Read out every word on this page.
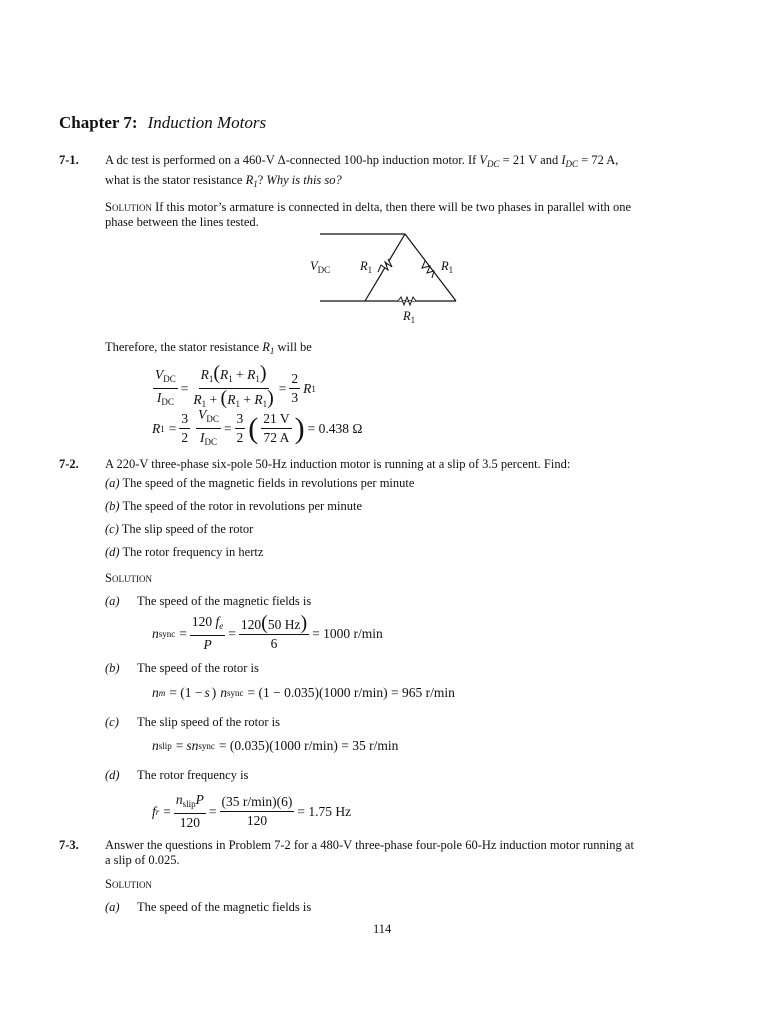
Chapter 7: Induction Motors
7-1. A dc test is performed on a 460-V Δ-connected 100-hp induction motor. If $V_{DC} = 21$ V and $I_{DC} = 72$ A,
what is the stator resistance $R_1$? Why is this so?
Solution If this motor’s armature is connected in delta, then there will be two phases in parallel with one
phase between the lines tested.
$V_{DC}$ $R_1$	$R_1$
$R_1$
Therefore, the stator resistance $R_1$ will be
$\frac{V_{DC}}{I_{DC}} = \frac{R_1(R_1 + R_1)}{R_1 + (R_1 + R_1)} = \frac{2}{3}$ R 1
R $1 = \frac{3}{2} \frac{V_{DC}}{I_{DC}} = \frac{3}{2}$ ( $\frac{21 V}{72 A}$ ) = 0.438 Ω
7-2. A 220-V three-phase six-pole 50-Hz induction motor is running at a slip of 3.5 percent. Find:
(a) The speed of the magnetic fields in revolutions per minute
(b) The speed of the rotor in revolutions per minute
(c) The slip speed of the rotor
(d) The rotor frequency in hertz
Solution
(a) The speed of the magnetic fields is
n sync = $\frac{120 f_e}{P} = \frac{120(50 Hz)}{6} = 1000$ r/min
(b) The speed of the rotor is
n m = (1 − s ) n sync = (1 − 0.035)(1000 r/min) = 965 r/min
(c) The slip speed of the rotor is
n slip = sn sync = (0.035)(1000 r/min) = 35 r/min
(d) The rotor frequency is
f $r = \frac{n_{slip}P}{120} = \frac{(35 r/\min)(6)}{120} = 1.75$ Hz
7-3. Answer the questions in Problem 7-2 for a 480-V three-phase four-pole 60-Hz induction motor running at
a slip of 0.025.
Solution
(a) The speed of the magnetic fields is
114
